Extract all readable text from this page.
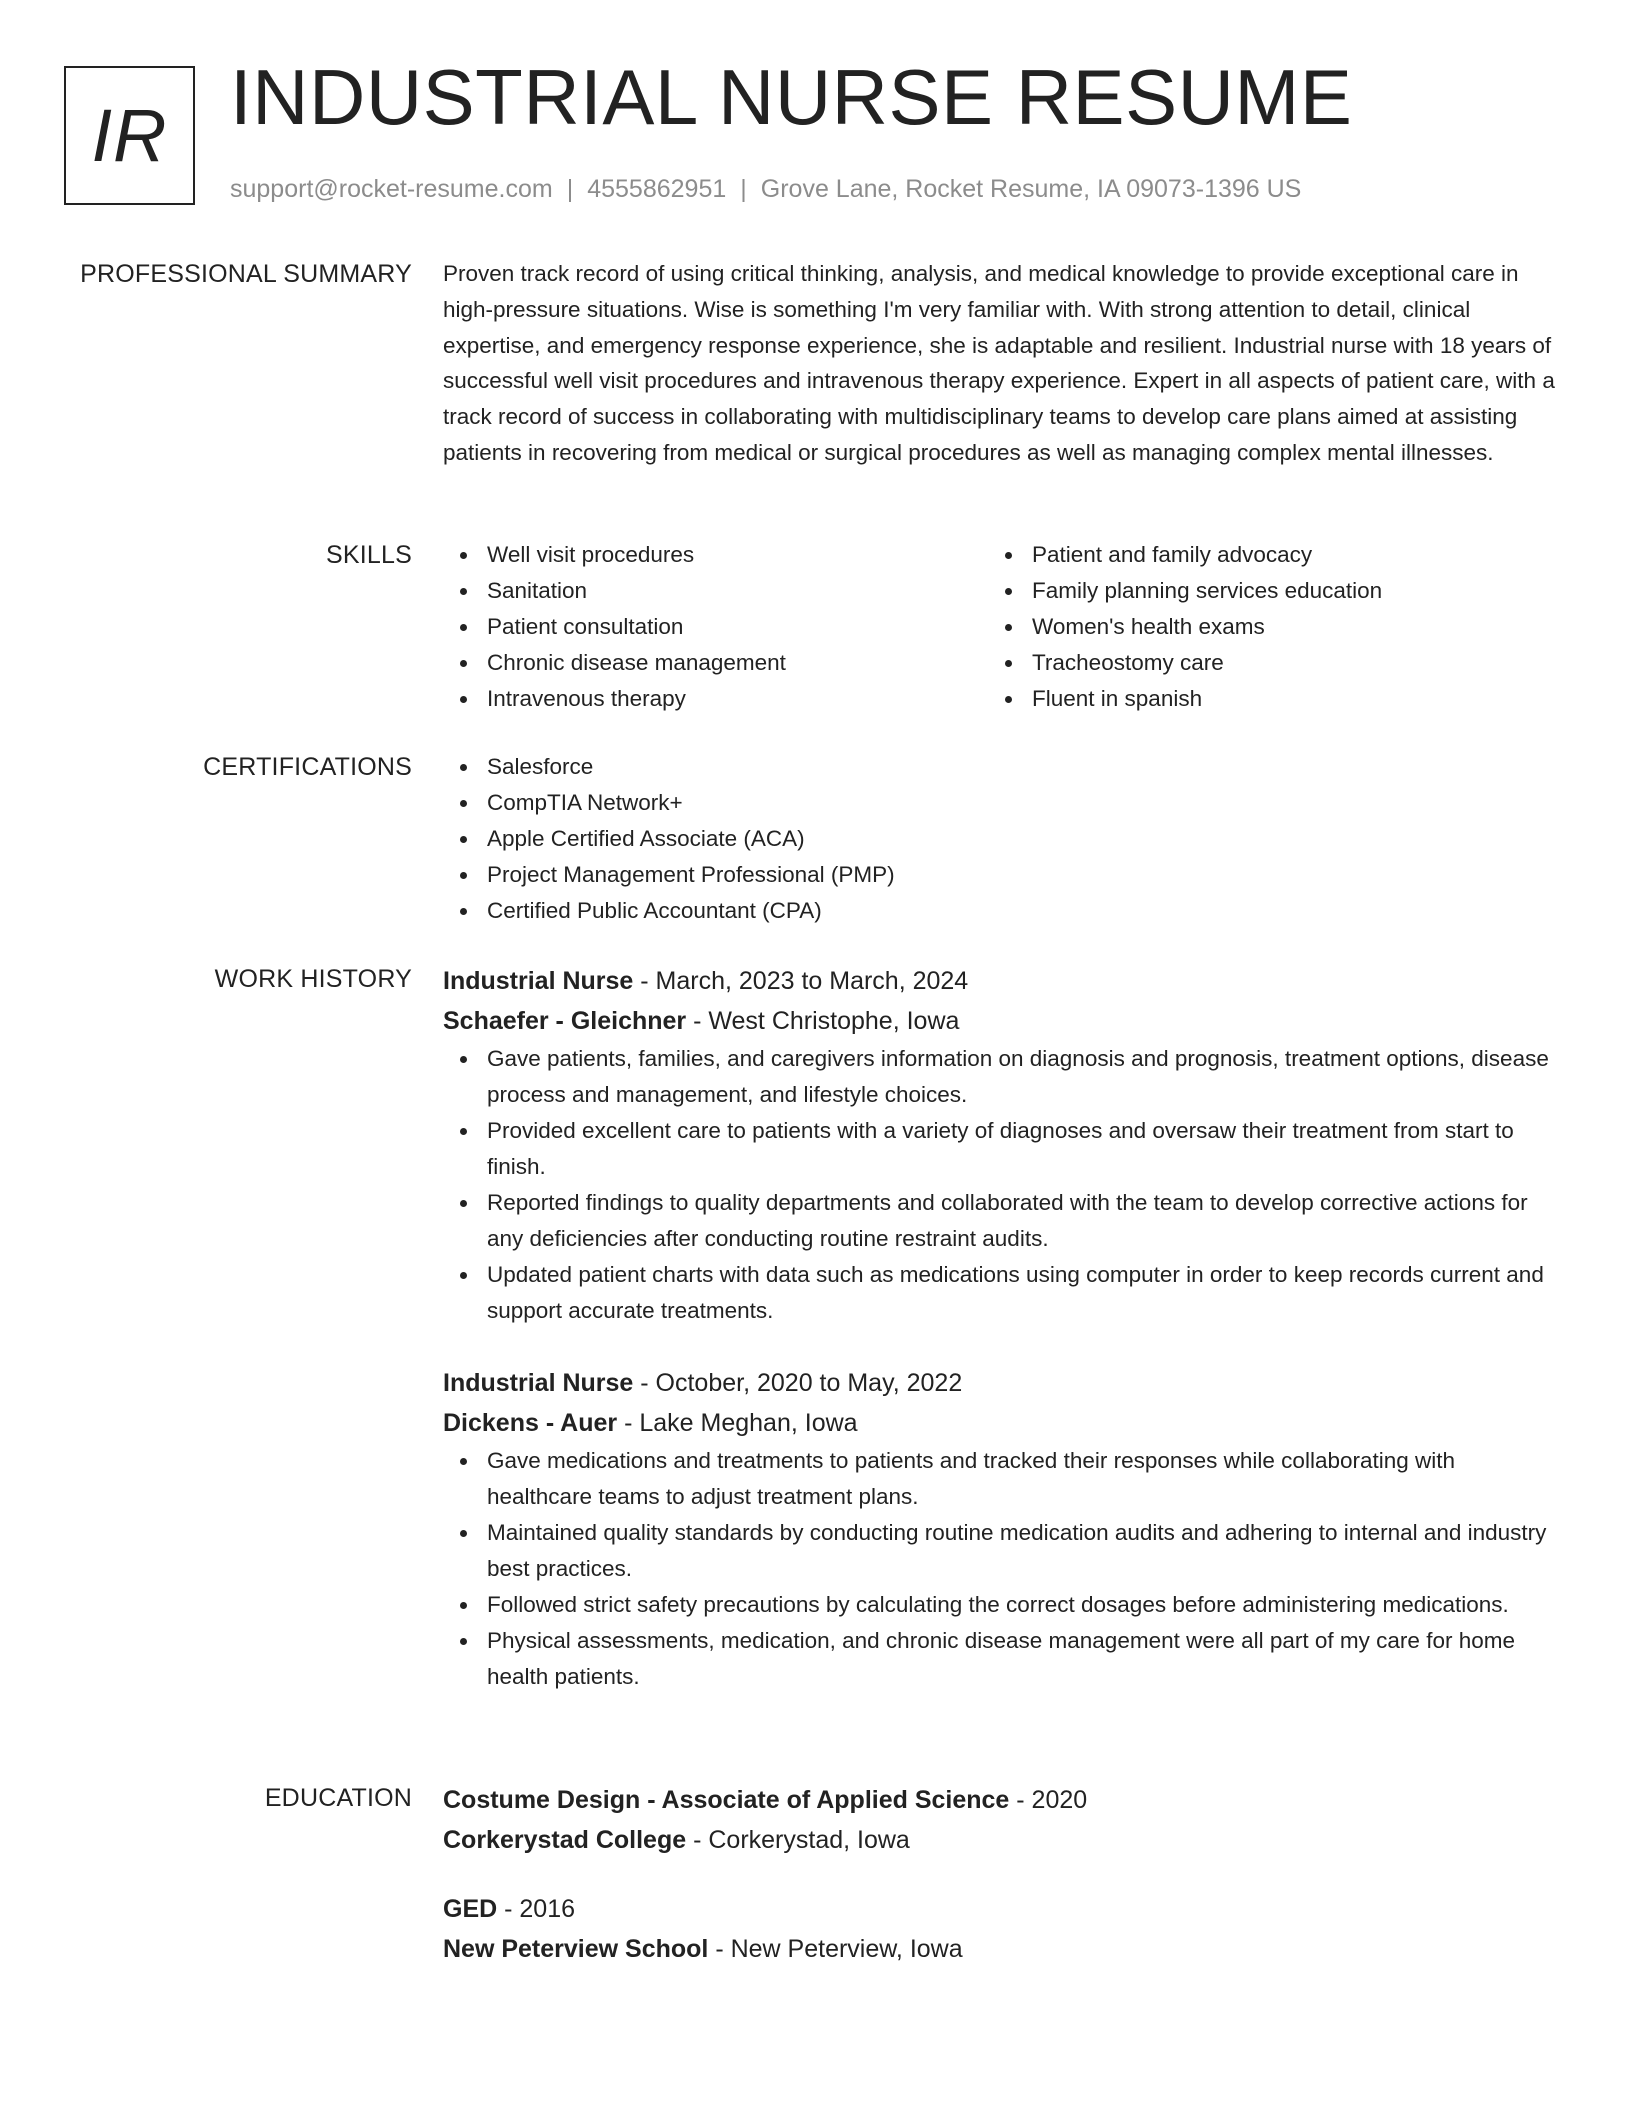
IR INDUSTRIAL NURSE RESUME
support@rocket-resume.com | 4555862951 | Grove Lane, Rocket Resume, IA 09073-1396 US
PROFESSIONAL SUMMARY Proven track record of using critical thinking, analysis, and medical knowledge to provide exceptional care in high-pressure situations. Wise is something I'm very familiar with. With strong attention to detail, clinical expertise, and emergency response experience, she is adaptable and resilient. Industrial nurse with 18 years of successful well visit procedures and intravenous therapy experience. Expert in all aspects of patient care, with a track record of success in collaborating with multidisciplinary teams to develop care plans aimed at assisting patients in recovering from medical or surgical procedures as well as managing complex mental illnesses.

SKILLS	Well visit procedures
Sanitation
Patient consultation
Chronic disease management
Intravenous therapy
Patient and family advocacy
Family planning services education
Women's health exams
Tracheostomy care
Fluent in spanish
CERTIFICATIONS	Salesforce
CompTIA Network+
Apple Certified Associate (ACA)
Project Management Professional (PMP)
Certified Public Accountant (CPA)
WORK HISTORY Industrial Nurse - March, 2023 to March, 2024
Schaefer - Gleichner - West Christophe, Iowa
Gave patients, families, and caregivers information on diagnosis and prognosis, treatment options, disease process and management, and lifestyle choices.
Provided excellent care to patients with a variety of diagnoses and oversaw their treatment from start to finish.
Reported findings to quality departments and collaborated with the team to develop corrective actions for any deficiencies after conducting routine restraint audits.
Updated patient charts with data such as medications using computer in order to keep records current and support accurate treatments.
Industrial Nurse - October, 2020 to May, 2022
Dickens - Auer - Lake Meghan, Iowa
Gave medications and treatments to patients and tracked their responses while collaborating with healthcare teams to adjust treatment plans.
Maintained quality standards by conducting routine medication audits and adhering to internal and industry best practices.
Followed strict safety precautions by calculating the correct dosages before administering medications.
Physical assessments, medication, and chronic disease management were all part of my care for home health patients.
EDUCATION Costume Design - Associate of Applied Science - 2020
Corkerystad College - Corkerystad, Iowa
GED - 2016
New Peterview School - New Peterview, Iowa
